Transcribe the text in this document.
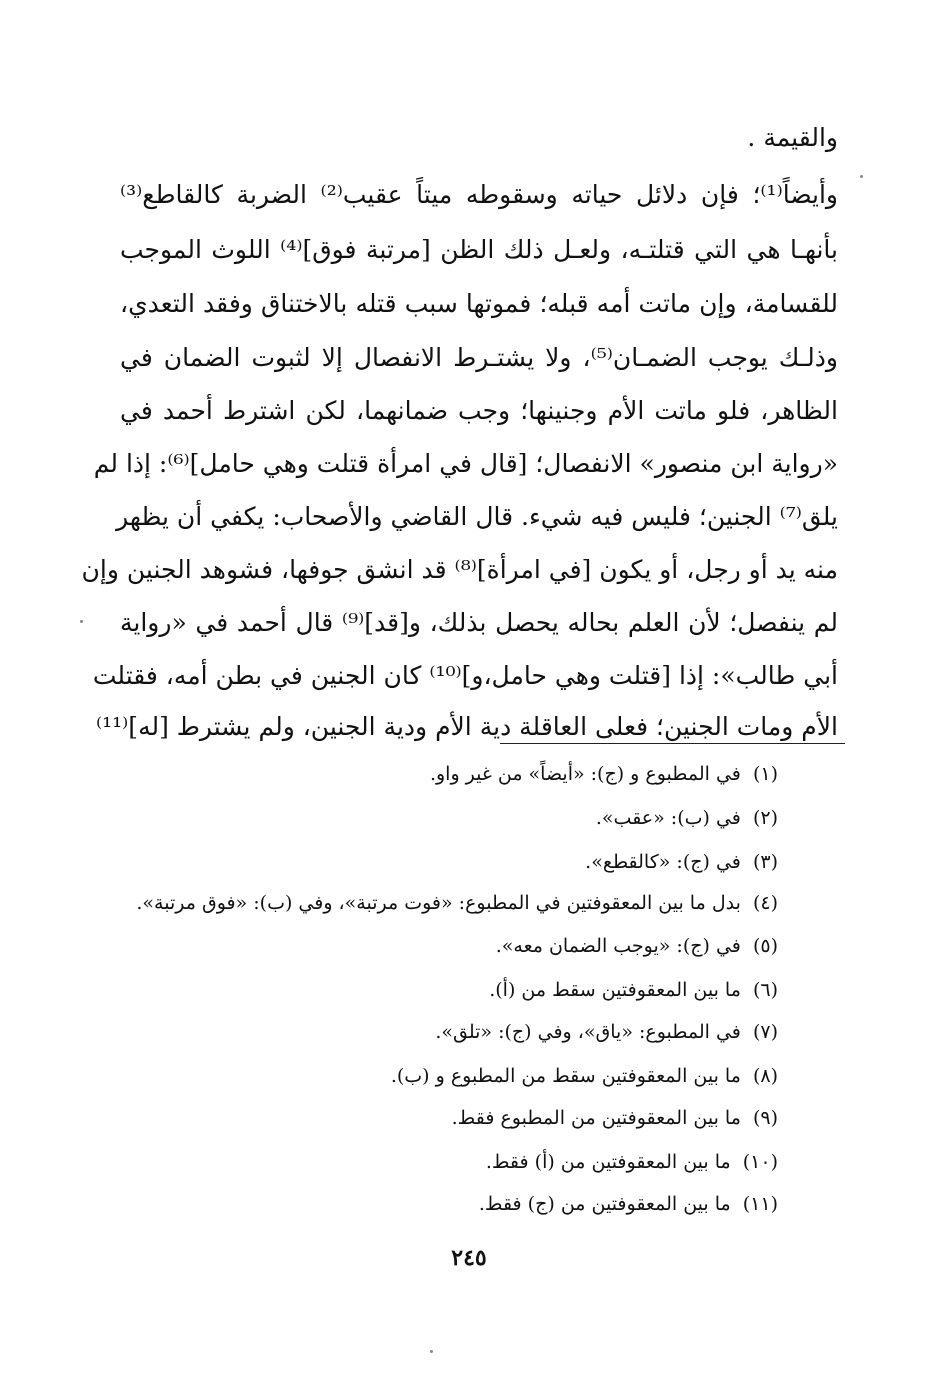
والقيمة .
وأيضاً⁽¹⁾؛ فإن دلائل حياته وسقوطه ميتاً عقيب⁽²⁾ الضربة كالقاطع⁽³⁾
بأنهـا هي التي قتلتـه، ولعـل ذلك الظن [مرتبة فوق]⁽⁴⁾ اللوث الموجب
للقسامة، وإن ماتت أمه قبله؛ فموتها سبب قتله بالاختناق وفقد التعدي،
وذلـك يوجب الضمـان⁽⁵⁾، ولا يشتـرط الانفصال إلا لثبوت الضمان في
الظاهر، فلو ماتت الأم وجنينها؛ وجب ضمانهما، لكن اشترط أحمد في
«رواية ابن منصور» الانفصال؛ [قال في امرأة قتلت وهي حامل]⁽⁶⁾: إذا لم
يلق⁽⁷⁾ الجنين؛ فليس فيه شيء. قال القاضي والأصحاب: يكفي أن يظهر
منه يد أو رجل، أو يكون [في امرأة]⁽⁸⁾ قد انشق جوفها، فشوهد الجنين وإن
لم ينفصل؛ لأن العلم بحاله يحصل بذلك، و[قد]⁽⁹⁾ قال أحمد في «رواية
أبي طالب»: إذا [قتلت وهي حامل،و]⁽¹⁰⁾ كان الجنين في بطن أمه، فقتلت
الأم ومات الجنين؛ فعلى العاقلة دية الأم ودية الجنين، ولم يشترط [له]⁽¹¹⁾
(١) في المطبوع و (ج): «أيضاً» من غير واو.
(٢) في (ب): «عقب».
(٣) في (ج): «كالقطع».
(٤) بدل ما بين المعقوفتين في المطبوع: «فوت مرتبة»، وفي (ب): «فوق مرتبة».
(٥) في (ج): «يوجب الضمان معه».
(٦) ما بين المعقوفتين سقط من (أ).
(٧) في المطبوع: «ياق»، وفي (ج): «تلق».
(٨) ما بين المعقوفتين سقط من المطبوع و (ب).
(٩) ما بين المعقوفتين من المطبوع فقط.
(١٠) ما بين المعقوفتين من (أ) فقط.
(١١) ما بين المعقوفتين من (ج) فقط.
٢٤٥
